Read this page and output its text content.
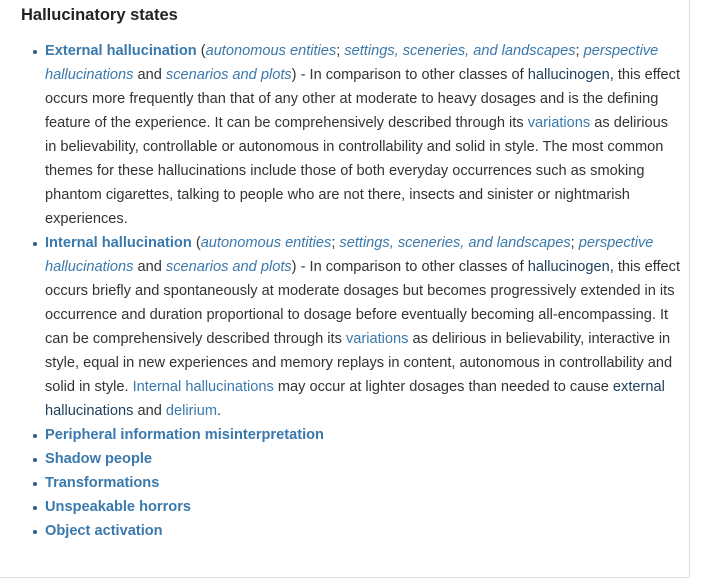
Hallucinatory states
External hallucination (autonomous entities; settings, sceneries, and landscapes; perspective hallucinations and scenarios and plots) - In comparison to other classes of hallucinogen, this effect occurs more frequently than that of any other at moderate to heavy dosages and is the defining feature of the experience. It can be comprehensively described through its variations as delirious in believability, controllable or autonomous in controllability and solid in style. The most common themes for these hallucinations include those of both everyday occurrences such as smoking phantom cigarettes, talking to people who are not there, insects and sinister or nightmarish experiences.
Internal hallucination (autonomous entities; settings, sceneries, and landscapes; perspective hallucinations and scenarios and plots) - In comparison to other classes of hallucinogen, this effect occurs briefly and spontaneously at moderate dosages but becomes progressively extended in its occurrence and duration proportional to dosage before eventually becoming all-encompassing. It can be comprehensively described through its variations as delirious in believability, interactive in style, equal in new experiences and memory replays in content, autonomous in controllability and solid in style. Internal hallucinations may occur at lighter dosages than needed to cause external hallucinations and delirium.
Peripheral information misinterpretation
Shadow people
Transformations
Unspeakable horrors
Object activation
